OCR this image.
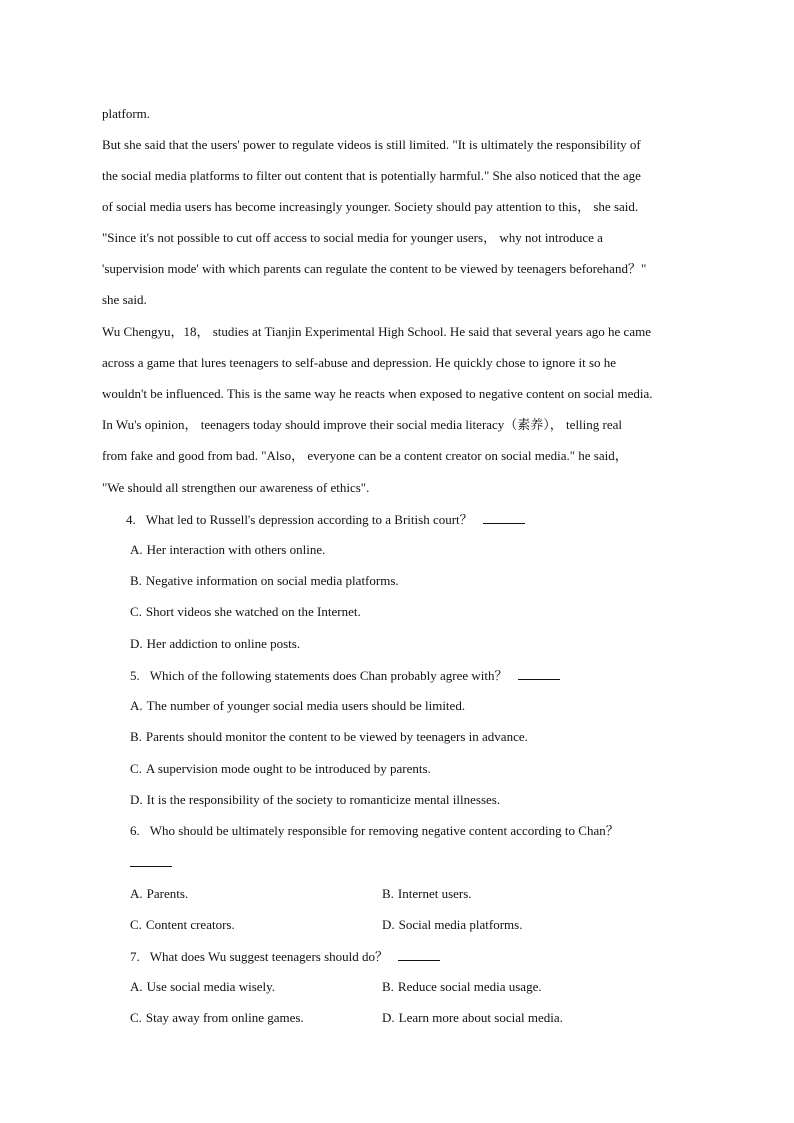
platform.
But she said that the users' power to regulate videos is still limited. "It is ultimately the responsibility of
the social media platforms to filter out content that is potentially harmful." She also noticed that the age
of social media users has become increasingly younger. Society should pay attention to this， she said.
"Since it's not possible to cut off access to social media for younger users， why not introduce a
'supervision mode' with which parents can regulate the content to be viewed by teenagers beforehand？"
she said.
Wu Chengyu，18， studies at Tianjin Experimental High School. He said that several years ago he came
across a game that lures teenagers to self-abuse and depression. He quickly chose to ignore it so he
wouldn't be influenced. This is the same way he reacts when exposed to negative content on social media.
In Wu's opinion， teenagers today should improve their social media literacy（素养）， telling real
from fake and good from bad. "Also， everyone can be a content creator on social media." he said，
"We should all strengthen our awareness of ethics".
4. What led to Russell's depression according to a British court？
A. Her interaction with others online.
B. Negative information on social media platforms.
C. Short videos she watched on the Internet.
D. Her addiction to online posts.
5. Which of the following statements does Chan probably agree with？
A. The number of younger social media users should be limited.
B. Parents should monitor the content to be viewed by teenagers in advance.
C. A supervision mode ought to be introduced by parents.
D. It is the responsibility of the society to romanticize mental illnesses.
6. Who should be ultimately responsible for removing negative content according to Chan？
A. Parents.	B. Internet users.
C. Content creators.	D. Social media platforms.
7. What does Wu suggest teenagers should do？
A. Use social media wisely.	B. Reduce social media usage.
C. Stay away from online games.	D. Learn more about social media.
